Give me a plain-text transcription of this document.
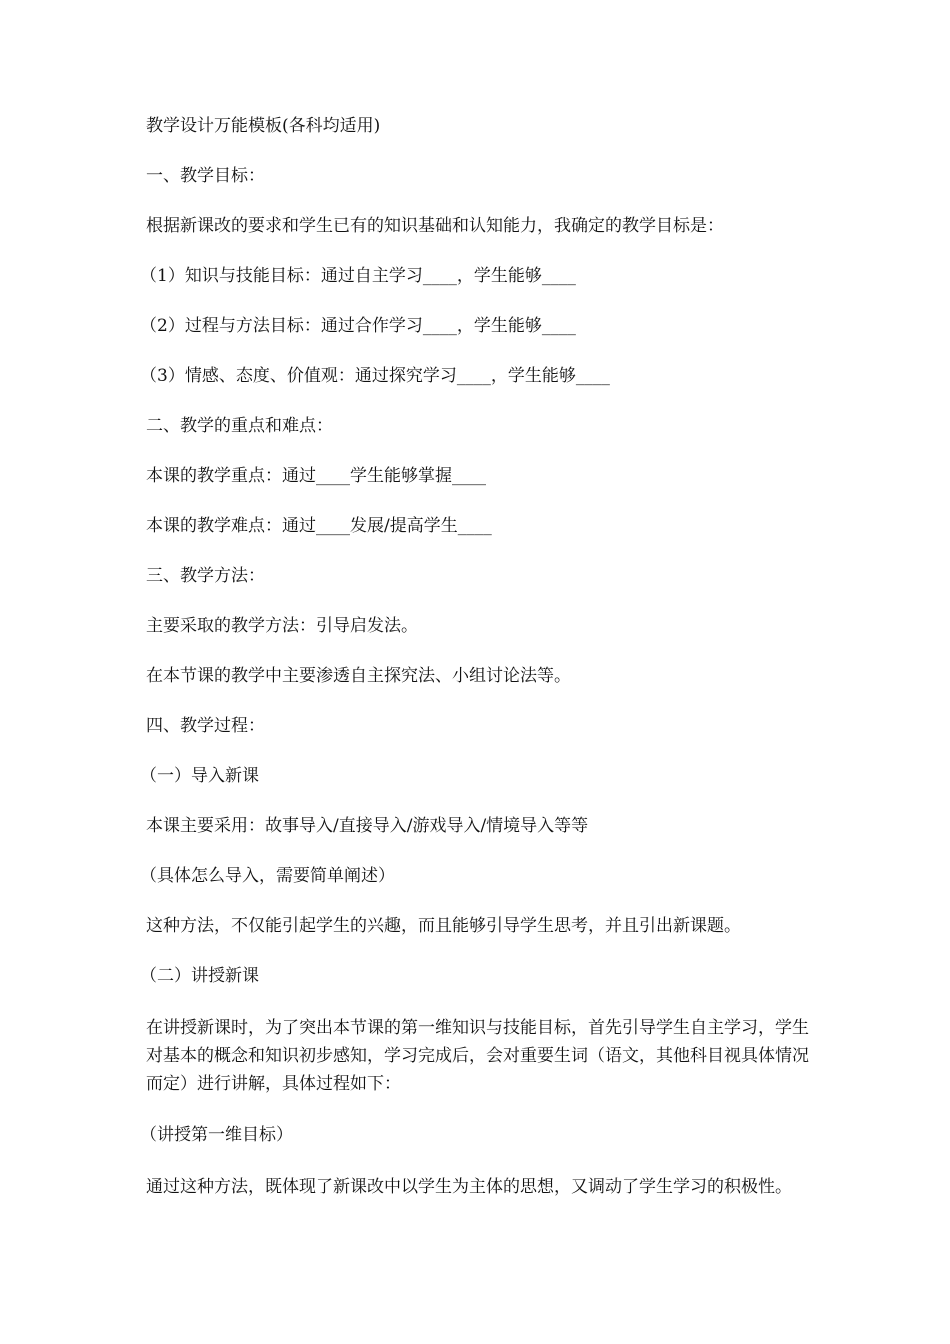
教学设计万能模板(各科均适用)
一、教学目标：
根据新课改的要求和学生已有的知识基础和认知能力，我确定的教学目标是：
（1）知识与技能目标：通过自主学习____，学生能够____
（2）过程与方法目标：通过合作学习____，学生能够____
（3）情感、态度、价值观：通过探究学习____，学生能够____
二、教学的重点和难点：
本课的教学重点：通过____学生能够掌握____
本课的教学难点：通过____发展/提高学生____
三、教学方法：
主要采取的教学方法：引导启发法。
在本节课的教学中主要渗透自主探究法、小组讨论法等。
四、教学过程：
（一）导入新课
本课主要采用：故事导入/直接导入/游戏导入/情境导入等等
（具体怎么导入，需要简单阐述）
这种方法，不仅能引起学生的兴趣，而且能够引导学生思考，并且引出新课题。
（二）讲授新课
在讲授新课时，为了突出本节课的第一维知识与技能目标，首先引导学生自主学习，学生对基本的概念和知识初步感知，学习完成后，会对重要生词（语文，其他科目视具体情况而定）进行讲解，具体过程如下：
（讲授第一维目标）
通过这种方法，既体现了新课改中以学生为主体的思想，又调动了学生学习的积极性。
